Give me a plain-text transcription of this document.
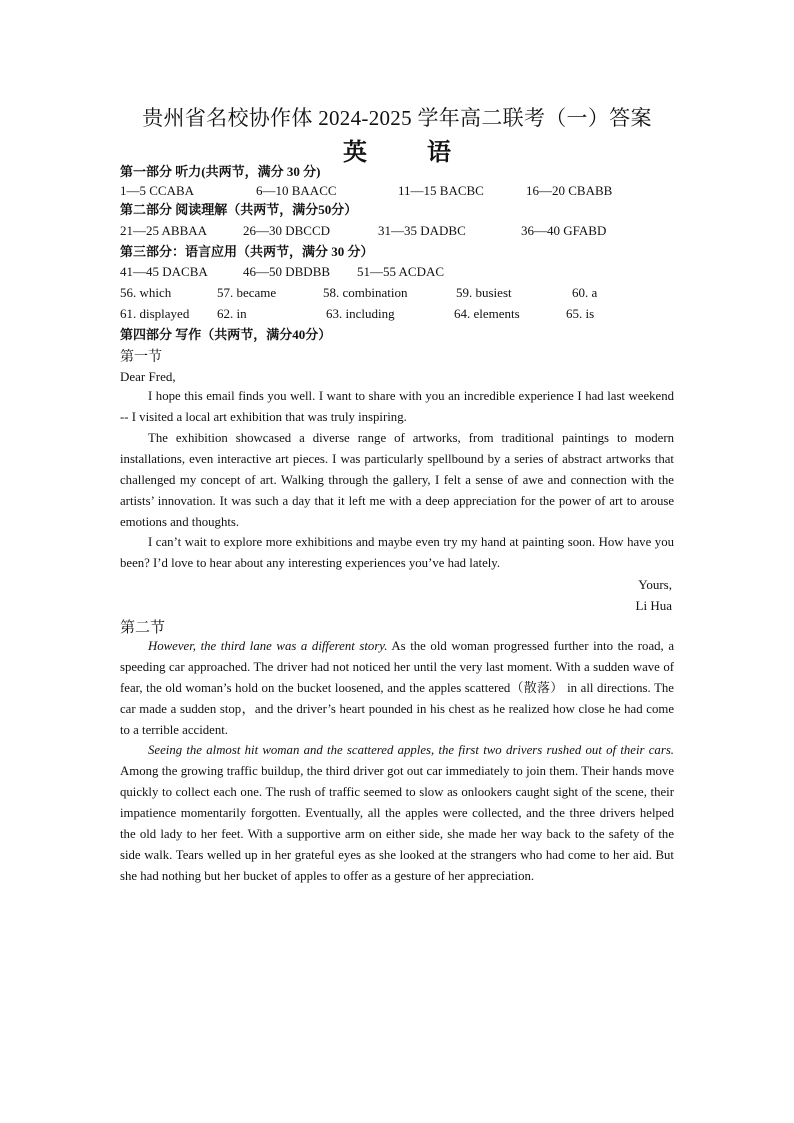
贵州省名校协作体 2024-2025 学年高二联考（一）答案
英	语
第一部分 听力(共两节，满分 30 分)
1—5 CCABA	6—10 BAACC	11—15 BACBC	16—20 CBABB
第二部分 阅读理解（共两节，满分50分）
21—25 ABBAA	26—30 DBCCD	31—35 DADBC	36—40 GFABD
第三部分：语言应用（共两节，满分 30 分）
41—45 DACBA	46—50 DBDBB 51—55 ACDAC
56. which	57. became	58. combination	59. busiest	60. a
61. displayed 62. in	63. including	64. elements	65. is
第四部分 写作（共两节，满分40分）
第一节
Dear Fred,
I hope this email finds you well. I want to share with you an incredible experience I had last weekend -- I visited a local art exhibition that was truly inspiring.
The exhibition showcased a diverse range of artworks, from traditional paintings to modern installations, even interactive art pieces. I was particularly spellbound by a series of abstract artworks that challenged my concept of art. Walking through the gallery, I felt a sense of awe and connection with the artists’ innovation. It was such a day that it left me with a deep appreciation for the power of art to arouse emotions and thoughts.
I can’t wait to explore more exhibitions and maybe even try my hand at painting soon. How have you been? I’d love to hear about any interesting experiences you’ve had lately.
Yours,
Li Hua
第二节
However, the third lane was a different story. As the old woman progressed further into the road, a speeding car approached. The driver had not noticed her until the very last moment. With a sudden wave of fear, the old woman’s hold on the bucket loosened, and the apples scattered（散落） in all directions. The car made a sudden stop，and the driver’s heart pounded in his chest as he realized how close he had come to a terrible accident.
Seeing the almost hit woman and the scattered apples, the first two drivers rushed out of their cars. Among the growing traffic buildup, the third driver got out car immediately to join them. Their hands move quickly to collect each one. The rush of traffic seemed to slow as onlookers caught sight of the scene, their impatience momentarily forgotten. Eventually, all the apples were collected, and the three drivers helped the old lady to her feet. With a supportive arm on either side, she made her way back to the safety of the side walk. Tears welled up in her grateful eyes as she looked at the strangers who had come to her aid. But she had nothing but her bucket of apples to offer as a gesture of her appreciation.
